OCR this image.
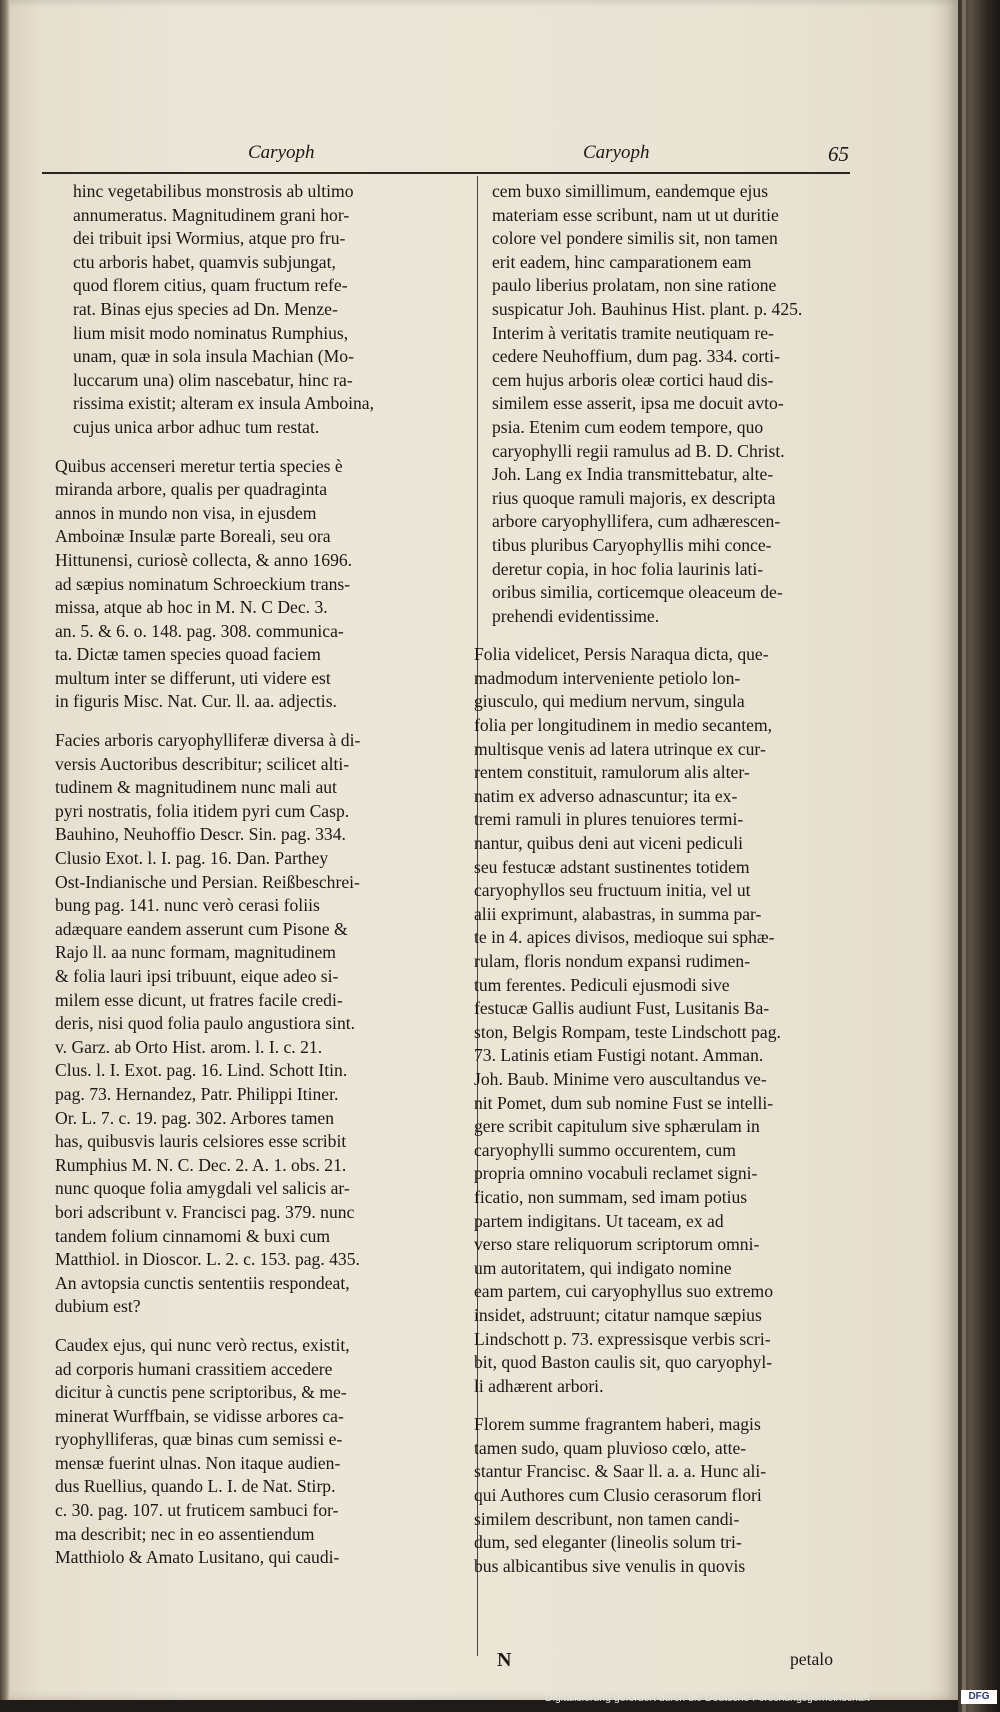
Caryoph	Caryoph	65
hinc vegetabilibus monstrosis ab ultimo
annumeratus. Magnitudinem grani hor-
dei tribuit ipsi Wormius, atque pro fru-
ctu arboris habet, quamvis subjungat,
quod florem citius, quam fructum refe-
rat. Binas ejus species ad Dn. Menze-
lium misit modo nominatus Rumphius,
unam, quæ in sola insula Machian (Mo-
luccarum una) olim nascebatur, hinc ra-
rissima existit; alteram ex insula Amboina,
cujus unica arbor adhuc tum restat.
Quibus accenseri meretur tertia species è
miranda arbore, qualis per quadraginta
annos in mundo non visa, in ejusdem
Amboinæ Insulæ parte Boreali, seu ora
Hittunensi, curiosè collecta, & anno 1696.
ad sæpius nominatum Schroeckium trans-
missa, atque ab hoc in M. N. C Dec. 3.
an. 5. & 6. o. 148. pag. 308. communica-
ta. Dictæ tamen species quoad faciem
multum inter se differunt, uti videre est
in figuris Misc. Nat. Cur. ll. aa. adjectis.
Facies arboris caryophylliferæ diversa à di-
versis Auctoribus describitur; scilicet alti-
tudinem & magnitudinem nunc mali aut
pyri nostratis, folia itidem pyri cum Casp.
Bauhino, Neuhoffio Descr. Sin. pag. 334.
Clusio Exot. l. I. pag. 16. Dan. Parthey
Ost-Indianische und Persian. Reißbeschrei-
bung pag. 141. nunc verò cerasi foliis
adæquare eandem asserunt cum Pisone &
Rajo ll. aa nunc formam, magnitudinem
& folia lauri ipsi tribuunt, eique adeo si-
milem esse dicunt, ut fratres facile credi-
deris, nisi quod folia paulo angustiora sint.
v. Garz. ab Orto Hist. arom. l. I. c. 21.
Clus. l. I. Exot. pag. 16. Lind. Schott Itin.
pag. 73. Hernandez, Patr. Philippi Itiner.
Or. L. 7. c. 19. pag. 302. Arbores tamen
has, quibusvis lauris celsiores esse scribit
Rumphius M. N. C. Dec. 2. A. 1. obs. 21.
nunc quoque folia amygdali vel salicis ar-
bori adscribunt v. Francisci pag. 379. nunc
tandem folium cinnamomi & buxi cum
Matthiol. in Dioscor. L. 2. c. 153. pag. 435.
An avtopsia cunctis sententiis respondeat,
dubium est?
Caudex ejus, qui nunc verò rectus, existit,
ad corporis humani crassitiem accedere
dicitur à cunctis pene scriptoribus, & me-
minerat Wurffbain, se vidisse arbores ca-
ryophylliferas, quæ binas cum semissi e-
mensæ fuerint ulnas. Non itaque audien-
dus Ruellius, quando L. I. de Nat. Stirp.
c. 30. pag. 107. ut fruticem sambuci for-
ma describit; nec in eo assentiendum
Matthiolo & Amato Lusitano, qui caudi-
cem buxo simillimum, eandemque ejus
materiam esse scribunt, nam ut ut duritie
colore vel pondere similis sit, non tamen
erit eadem, hinc camparationem eam
paulo liberius prolatam, non sine ratione
suspicatur Joh. Bauhinus Hist. plant. p. 425.
Interim à veritatis tramite neutiquam re-
cedere Neuhoffium, dum pag. 334. corti-
cem hujus arboris oleæ cortici haud dis-
similem esse asserit, ipsa me docuit avto-
psia. Etenim cum eodem tempore, quo
caryophylli regii ramulus ad B. D. Christ.
Joh. Lang ex India transmittebatur, alte-
rius quoque ramuli majoris, ex descripta
arbore caryophyllifera, cum adhærescen-
tibus pluribus Caryophyllis mihi conce-
deretur copia, in hoc folia laurinis lati-
oribus similia, corticemque oleaceum de-
prehendi evidentissime.
Folia videlicet, Persis Naraqua dicta, que-
madmodum interveniente petiolo lon-
giusculo, qui medium nervum, singula
folia per longitudinem in medio secantem,
multisque venis ad latera utrinque ex cur-
rentem constituit, ramulorum alis alter-
natim ex adverso adnascuntur; ita ex-
tremi ramuli in plures tenuiores termi-
nantur, quibus deni aut viceni pediculi
seu festucæ adstant sustinentes totidem
caryophyllos seu fructuum initia, vel ut
alii exprimunt, alabastras, in summa par-
te in 4. apices divisos, medioque sui sphæ-
rulam, floris nondum expansi rudimen-
tum ferentes. Pediculi ejusmodi sive
festucæ Gallis audiunt Fust, Lusitanis Ba-
ston, Belgis Rompam, teste Lindschott pag.
73. Latinis etiam Fustigi notant. Amman.
Joh. Baub. Minime vero auscultandus ve-
nit Pomet, dum sub nomine Fust se intelli-
gere scribit capitulum sive sphærulam in
caryophylli summo occurentem, cum
propria omnino vocabuli reclamet signi-
ficatio, non summam, sed imam potius
partem indigitans. Ut taceam, ex ad
verso stare reliquorum scriptorum omni-
um autoritatem, qui indigato nomine
eam partem, cui caryophyllus suo extremo
insidet, adstruunt; citatur namque sæpius
Lindschott p. 73. expressisque verbis scri-
bit, quod Baston caulis sit, quo caryophyl-
li adhærent arbori.
Florem summe fragrantem haberi, magis
tamen sudo, quam pluvioso cœlo, atte-
stantur Francisc. & Saar ll. a. a. Hunc ali-
qui Authores cum Clusio cerasorum flori
similem describunt, non tamen candi-
dum, sed eleganter (lineolis solum tri-
bus albicantibus sive venulis in quovis
N	petalo
Digitalisierung gefördert durch die Deutsche Forschungsgemeinschaft	DFG
